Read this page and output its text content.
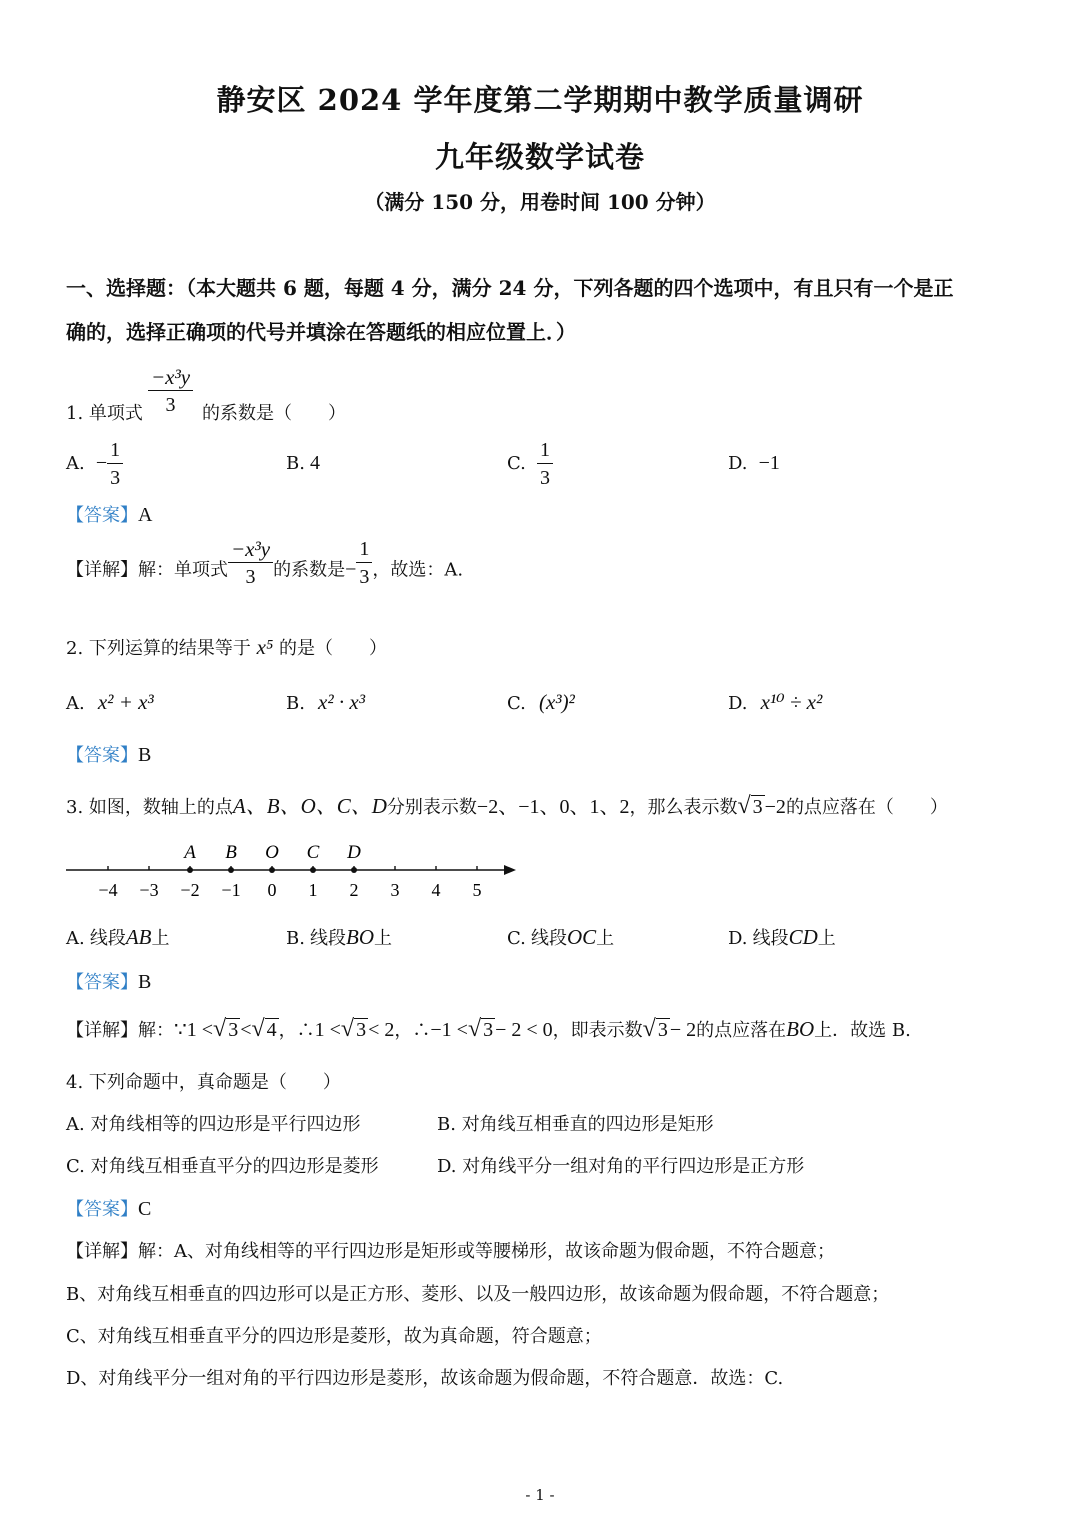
静安区 2024 学年度第二学期期中教学质量调研
九年级数学试卷
（满分 150 分，用卷时间 100 分钟）
一、选择题：（本大题共 6 题，每题 4 分，满分 24 分，下列各题的四个选项中，有且只有一个是正
确的，选择正确项的代号并填涂在答题纸的相应位置上．）
1. 单项式 $\frac{\text{−x³y}}{3}$ 的系数是（　　）
A. − $\frac{1}{3}$	B. 4	C. $\frac{1}{3}$	D. −1
【答案】A
【详解】解：单项式 $\frac{\text{−x³y}}{3}$ 的系数是− $\frac{1}{3}$ ，故选：A.
2. 下列运算的结果等于 x⁵ 的是（　　）
A. x² + x³	B. x² · x³	C. (x³)²	D. x¹⁰ ÷ x²
【答案】B
3. 如图，数轴上的点A、B、O、C、D分别表示数−2、−1、0、1、2，那么表示数√ 3 −2的点应落在（　　）
−4 −3 −2 −1 0 1 2 3 4 5
A B O C D
A. 线段AB上	B. 线段BO上	C. 线段OC上	D. 线段CD上
【答案】B
【详解】解：∵1 <√ 3 <√ 4 ，∴1 <√ 3 < 2，∴−1 <√ 3 − 2 < 0，即表示数√ 3 − 2的点应落在BO上．故选 B.
4. 下列命题中，真命题是（　　）
A. 对角线相等的四边形是平行四边形	B. 对角线互相垂直的四边形是矩形
C. 对角线互相垂直平分的四边形是菱形	D. 对角线平分一组对角的平行四边形是正方形
【答案】C
【详解】解：A、对角线相等的平行四边形是矩形或等腰梯形，故该命题为假命题，不符合题意；
B、对角线互相垂直的四边形可以是正方形、菱形、以及一般四边形，故该命题为假命题，不符合题意；
C、对角线互相垂直平分的四边形是菱形，故为真命题，符合题意；
D、对角线平分一组对角的平行四边形是菱形，故该命题为假命题，不符合题意．故选：C.
- 1 -
